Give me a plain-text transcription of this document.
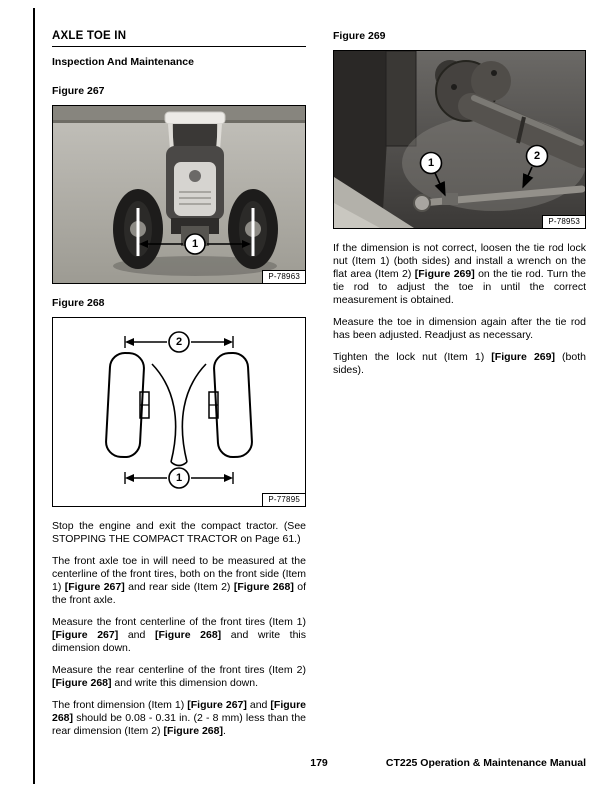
AXLE TOE IN
Inspection And Maintenance
Figure 267
1
P-78963
Figure 268
2
1
P-77895

Stop the engine and exit the compact tractor. (See STOPPING THE COMPACT TRACTOR on Page 61.)

The front axle toe in will need to be measured at the centerline of the front tires, both on the front side (Item 1) [Figure 267] and rear side (Item 2) [Figure 268] of the front axle.

Measure the front centerline of the front tires (Item 1) [Figure 267] and [Figure 268] and write this dimension down.

Measure the rear centerline of the front tires (Item 2) [Figure 268] and write this dimension down.

The front dimension (Item 1) [Figure 267] and [Figure 268] should be 0.08 - 0.31 in. (2 - 8 mm) less than the rear dimension (Item 2) [Figure 268].

Figure 269
1
2
P-78953

If the dimension is not correct, loosen the tie rod lock nut (Item 1) (both sides) and install a wrench on the flat area (Item 2) [Figure 269] on the tie rod. Turn the tie rod to adjust the toe in until the correct measurement is obtained.

Measure the toe in dimension again after the tie rod has been adjusted. Readjust as necessary.

Tighten the lock nut (Item 1) [Figure 269] (both sides).

179	CT225 Operation & Maintenance Manual
